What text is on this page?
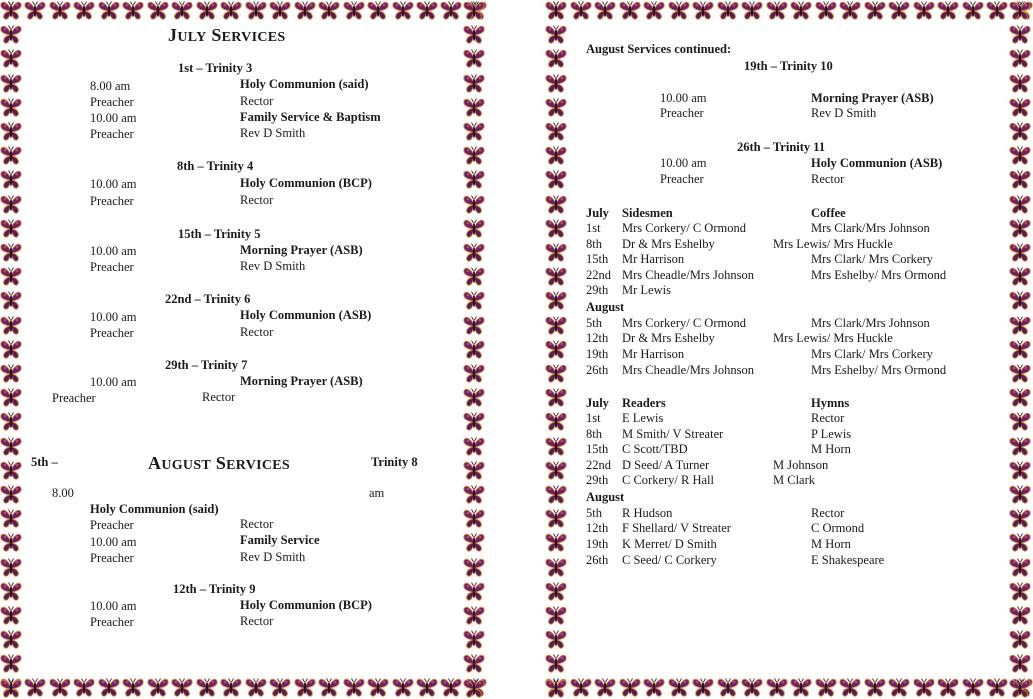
JULY SERVICES
1st – Trinity 3
8.00 am	Holy Communion (said)
Preacher	Rector
10.00 am	Family Service & Baptism
Preacher	Rev D Smith
8th – Trinity 4
10.00 am	Holy Communion (BCP)
Preacher	Rector
15th – Trinity 5
10.00 am	Morning Prayer (ASB)
Preacher	Rev D Smith
22nd – Trinity 6
10.00 am	Holy Communion (ASB)
Preacher	Rector
29th – Trinity 7
10.00 am	Morning Prayer (ASB)
Preacher	Rector
5th –	AUGUST SERVICES	Trinity 8
8.00	am
Holy Communion (said)
Preacher	Rector
10.00 am	Family Service
Preacher	Rev D Smith
12th – Trinity 9
10.00 am	Holy Communion (BCP)
Preacher	Rector
August Services continued:
19th – Trinity 10
10.00 am	Morning Prayer (ASB)
Preacher	Rev D Smith
26th – Trinity 11
10.00 am	Holy Communion (ASB)
Preacher	Rector
July Sidesmen	Coffee
1st Mrs Corkery/ C Ormond	Mrs Clark/Mrs Johnson
8th Dr & Mrs Eshelby	Mrs Lewis/ Mrs Huckle
15th Mr Harrison	Mrs Clark/ Mrs Corkery
22nd Mrs Cheadle/Mrs Johnson	Mrs Eshelby/ Mrs Ormond
29th Mr Lewis
August
5th Mrs Corkery/ C Ormond	Mrs Clark/Mrs Johnson
12th Dr & Mrs Eshelby	Mrs Lewis/ Mrs Huckle
19th Mr Harrison	Mrs Clark/ Mrs Corkery
26th Mrs Cheadle/Mrs Johnson	Mrs Eshelby/ Mrs Ormond
July Readers	Hymns
1st E Lewis	Rector
8th M Smith/ V Streater	P Lewis
15th C Scott/TBD	M Horn
22nd D Seed/ A Turner	M Johnson
29th C Corkery/ R Hall	M Clark
August
5th R Hudson	Rector
12th F Shellard/ V Streater	C Ormond
19th K Merret/ D Smith	M Horn
26th C Seed/ C Corkery	E Shakespeare
